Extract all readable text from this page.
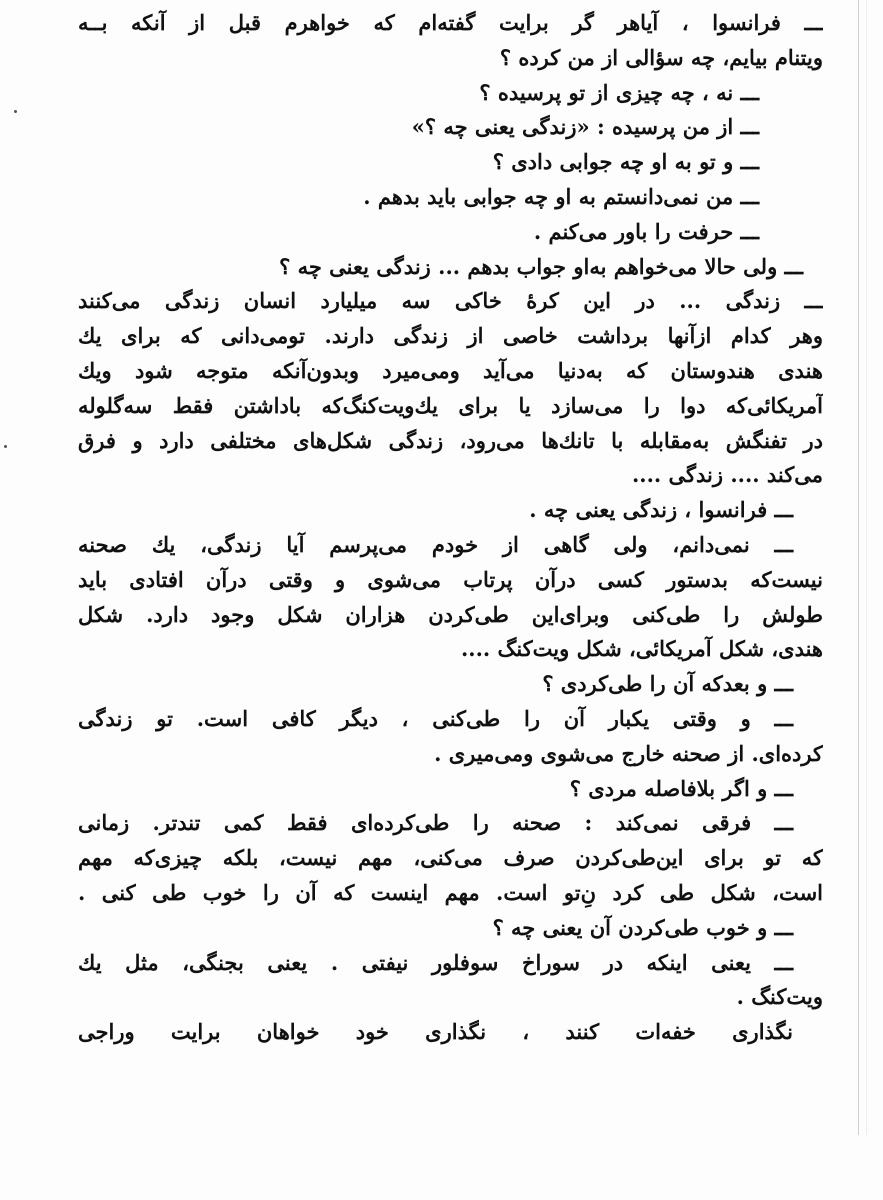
ـــ فرانسوا ، آیاهر گر برایت گفته‌ام که خواهرم قبل از آنکه بــه
ویتنام بیایم، چه سؤالی از من کرده ؟
ـــ نه ، چه چیزی از تو پرسیده ؟
ـــ از من پرسیده : «زندگی یعنی چه ؟»
ـــ و تو به او چه جوابی دادی ؟
ـــ من نمی‌دانستم به او چه جوابی باید بدهم .
ـــ حرفت را باور می‌کنم .
ـــ ولی حالا می‌خواهم به‌او جواب بدهم ... زندگی یعنی چه ؟
ـــ زندگی ... در این کرهٔ خاکی سه میلیارد انسان زندگی می‌کنند
وهر کدام ازآنها برداشت خاصی از زندگی دارند. تومی‌دانی که برای یك
هندی هندوستان که به‌دنیا می‌آید ومی‌میرد وبدون‌آنکه متوجه شود ویك
آمریکائی‌که دوا را می‌سازد یا برای یك‌ویت‌کنگ‌که باداشتن فقط سه‌گلوله
در تفنگش به‌مقابله با تانك‌ها می‌رود، زندگی شکل‌های مختلفی دارد و فرق
می‌کند .... زندگی ....
ـــ فرانسوا ، زندگی یعنی چه .
ـــ نمی‌دانم، ولی گاهی از خودم می‌پرسم آیا زندگی، یك صحنه
نیست‌که بدستور کسی درآن پرتاب می‌شوی و وقتی درآن افتادی باید
طولش را طی‌کنی وبرای‌این طی‌کردن هزاران شکل وجود دارد. شکل
هندی، شکل آمریکائی، شکل ویت‌کنگ ....
ـــ و بعدکه آن را طی‌کردی ؟
ـــ و وقتی یکبار آن را طی‌کنی ، دیگر کافی است. تو زندگی
کرده‌ای. از صحنه خارج می‌شوی ومی‌میری .
ـــ و اگر بلافاصله مردی ؟
ـــ فرقی نمی‌کند : صحنه را طی‌کرده‌ای فقط کمی تندتر. زمانی
که تو برای این‌طی‌کردن صرف می‌کنی، مهم نیست، بلکه چیزی‌که مهم
است، شکل طی کرد نِ‌تو است. مهم اینست که آن را خوب طی کنی .
ـــ و خوب طی‌کردن آن یعنی چه ؟
ـــ یعنی اینکه در سوراخ سوفلور نیفتی . یعنی بجنگی، مثل یك
ویت‌کنگ .
نگذاری خفه‌ات کنند ، نگذاری خود خواهان برایت وراجی
